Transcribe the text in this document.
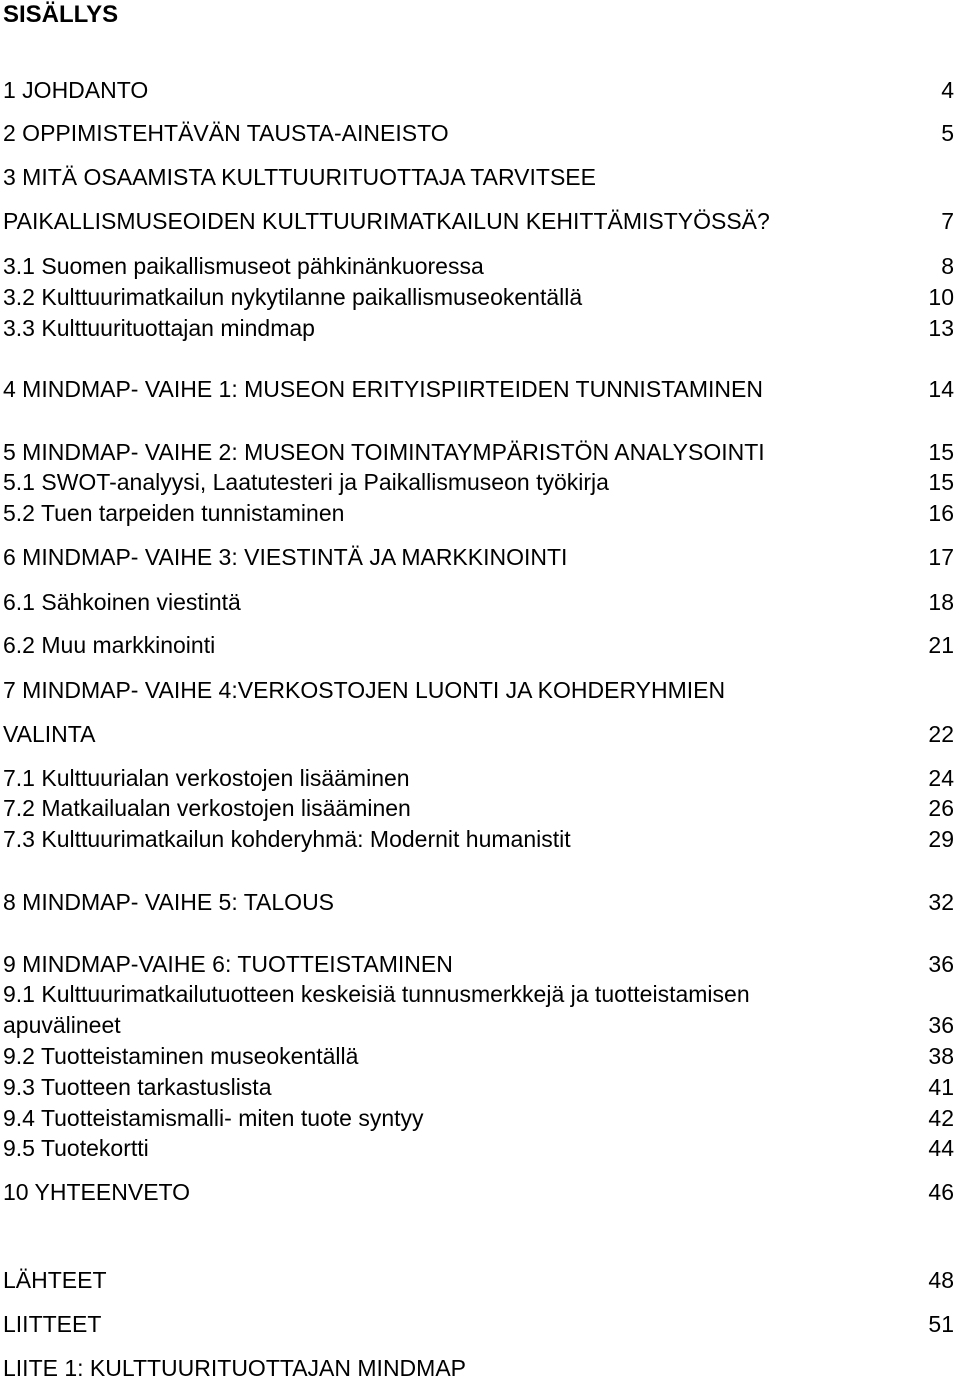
SISÄLLYS
1 JOHDANTO	4
2 OPPIMISTEHTÄVÄN TAUSTA-AINEISTO	5
3 MITÄ OSAAMISTA KULTTUURITUOTTAJA TARVITSEE
PAIKALLISMUSEOIDEN KULTTUURIMATKAILUN KEHITTÄMISTYÖSSÄ?	7
3.1 Suomen paikallismuseot pähkinänkuoressa	8
3.2 Kulttuurimatkailun nykytilanne paikallismuseokentällä	10
3.3 Kulttuurituottajan mindmap	13
4 MINDMAP- VAIHE 1: MUSEON ERITYISPIIRTEIDEN TUNNISTAMINEN	14
5 MINDMAP- VAIHE 2: MUSEON TOIMINTAYMPÄRISTÖN ANALYSOINTI	15
5.1 SWOT-analyysi, Laatutesteri ja Paikallismuseon työkirja	15
5.2 Tuen tarpeiden tunnistaminen	16
6 MINDMAP- VAIHE 3: VIESTINTÄ JA MARKKINOINTI	17
6.1 Sähkoinen viestintä	18
6.2 Muu markkinointi	21
7 MINDMAP- VAIHE 4:VERKOSTOJEN LUONTI JA KOHDERYHMIEN
VALINTA	22
7.1 Kulttuurialan verkostojen lisääminen	24
7.2 Matkailualan verkostojen lisääminen	26
7.3 Kulttuurimatkailun kohderyhmä: Modernit humanistit	29
8 MINDMAP- VAIHE 5: TALOUS	32
9 MINDMAP-VAIHE 6: TUOTTEISTAMINEN	36
9.1 Kulttuurimatkailutuotteen keskeisiä tunnusmerkkejä ja tuotteistamisen
apuvälineet	36
9.2 Tuotteistaminen museokentällä	38
9.3 Tuotteen tarkastuslista	41
9.4 Tuotteistamismalli- miten tuote syntyy	42
9.5 Tuotekortti	44
10 YHTEENVETO	46
LÄHTEET	48
LIITTEET	51
LIITE 1: KULTTUURITUOTTAJAN MINDMAP
